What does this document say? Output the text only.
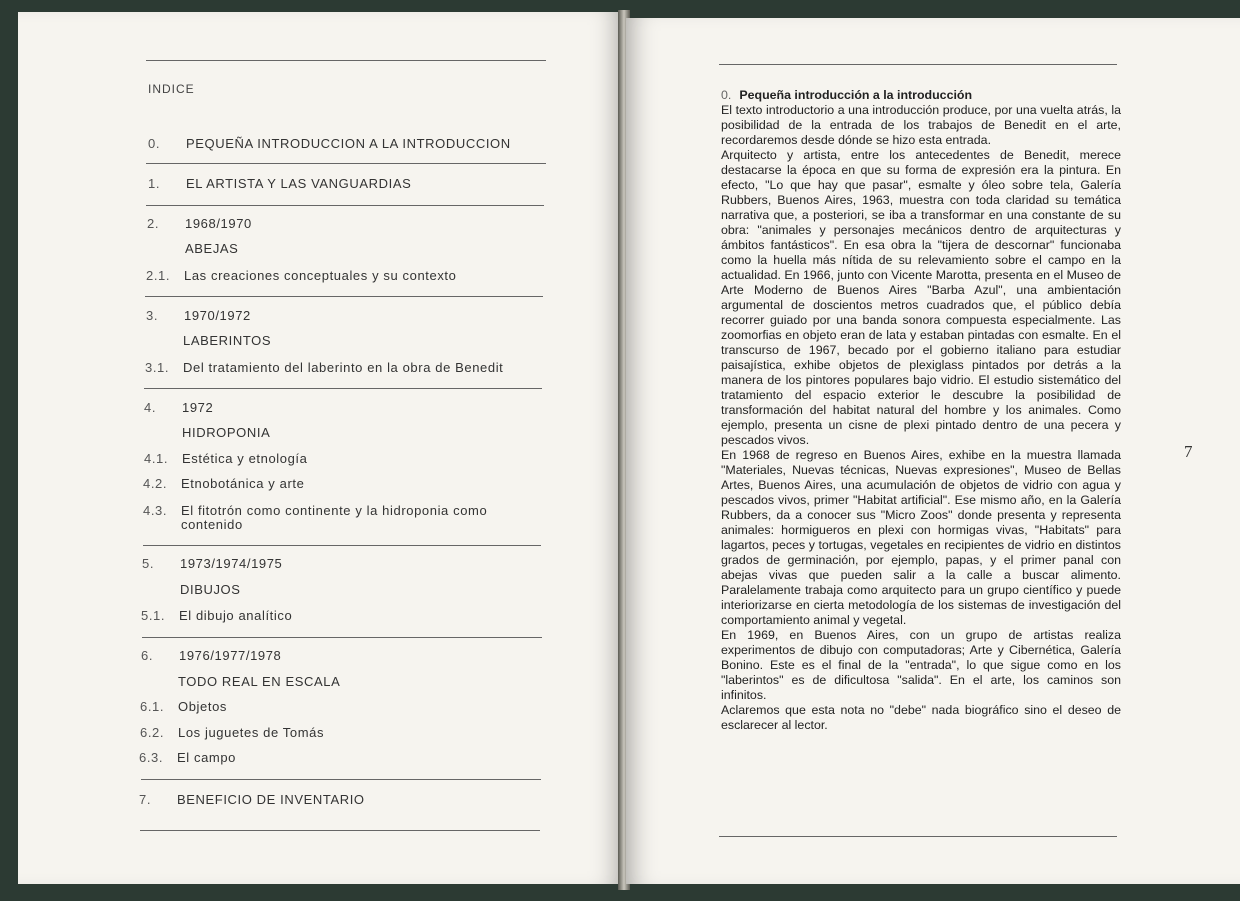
INDICE
0. PEQUEÑA INTRODUCCION A LA INTRODUCCION
1. EL ARTISTA Y LAS VANGUARDIAS
2. 1968/1970
ABEJAS
2.1. Las creaciones conceptuales y su contexto
3. 1970/1972
LABERINTOS
3.1. Del tratamiento del laberinto en la obra de Benedit
4. 1972
HIDROPONIA
4.1. Estética y etnología
4.2. Etnobotánica y arte
4.3. El fitotrón como continente y la hidroponia como
contenido
5. 1973/1974/1975
DIBUJOS
5.1. El dibujo analítico
6. 1976/1977/1978
TODO REAL EN ESCALA
6.1. Objetos
6.2. Los juguetes de Tomás
6.3. El campo
7. BENEFICIO DE INVENTARIO
0. Pequeña introducción a la introducción

El texto introductorio a una introducción produce, por una vuelta atrás, la posibilidad de la entrada de los trabajos de Benedit en el arte, recordaremos desde dónde se hizo esta entrada.

Arquitecto y artista, entre los antecedentes de Benedit, merece destacarse la época en que su forma de expresión era la pintura. En efecto, "Lo que hay que pasar", esmalte y óleo sobre tela, Galería Rubbers, Buenos Aires, 1963, muestra con toda claridad su temática narrativa que, a posteriori, se iba a transformar en una constante de su obra: "animales y personajes mecánicos dentro de arquitecturas y ámbitos fantásticos". En esa obra la "tijera de descornar" funcionaba como la huella más nítida de su relevamiento sobre el campo en la actualidad. En 1966, junto con Vicente Marotta, presenta en el Museo de Arte Moderno de Buenos Aires "Barba Azul", una ambientación argumental de doscientos metros cuadrados que, el público debía recorrer guiado por una banda sonora compuesta especialmente. Las zoomorfias en objeto eran de lata y estaban pintadas con esmalte. En el transcurso de 1967, becado por el gobierno italiano para estudiar paisajística, exhibe objetos de plexiglass pintados por detrás a la manera de los pintores populares bajo vidrio. El estudio sistemático del tratamiento del espacio exterior le descubre la posibilidad de transformación del habitat natural del hombre y los animales. Como ejemplo, presenta un cisne de plexi pintado dentro de una pecera y pescados vivos.

En 1968 de regreso en Buenos Aires, exhibe en la muestra llamada "Materiales, Nuevas técnicas, Nuevas expresiones", Museo de Bellas Artes, Buenos Aires, una acumulación de objetos de vidrio con agua y pescados vivos, primer "Habitat artificial". Ese mismo año, en la Galería Rubbers, da a conocer sus "Micro Zoos" donde presenta y representa animales: hormigueros en plexi con hormigas vivas, "Habitats" para lagartos, peces y tortugas, vegetales en recipientes de vidrio en distintos grados de germinación, por ejemplo, papas, y el primer panal con abejas vivas que pueden salir a la calle a buscar alimento. Paralelamente trabaja como arquitecto para un grupo científico y puede interiorizarse en cierta metodología de los sistemas de investigación del comportamiento animal y vegetal.

En 1969, en Buenos Aires, con un grupo de artistas realiza experimentos de dibujo con computadoras; Arte y Cibernética, Galería Bonino. Este es el final de la "entrada", lo que sigue como en los "laberintos" es de dificultosa "salida". En el arte, los caminos son infinitos.

Aclaremos que esta nota no "debe" nada biográfico sino el deseo de esclarecer al lector.

7
